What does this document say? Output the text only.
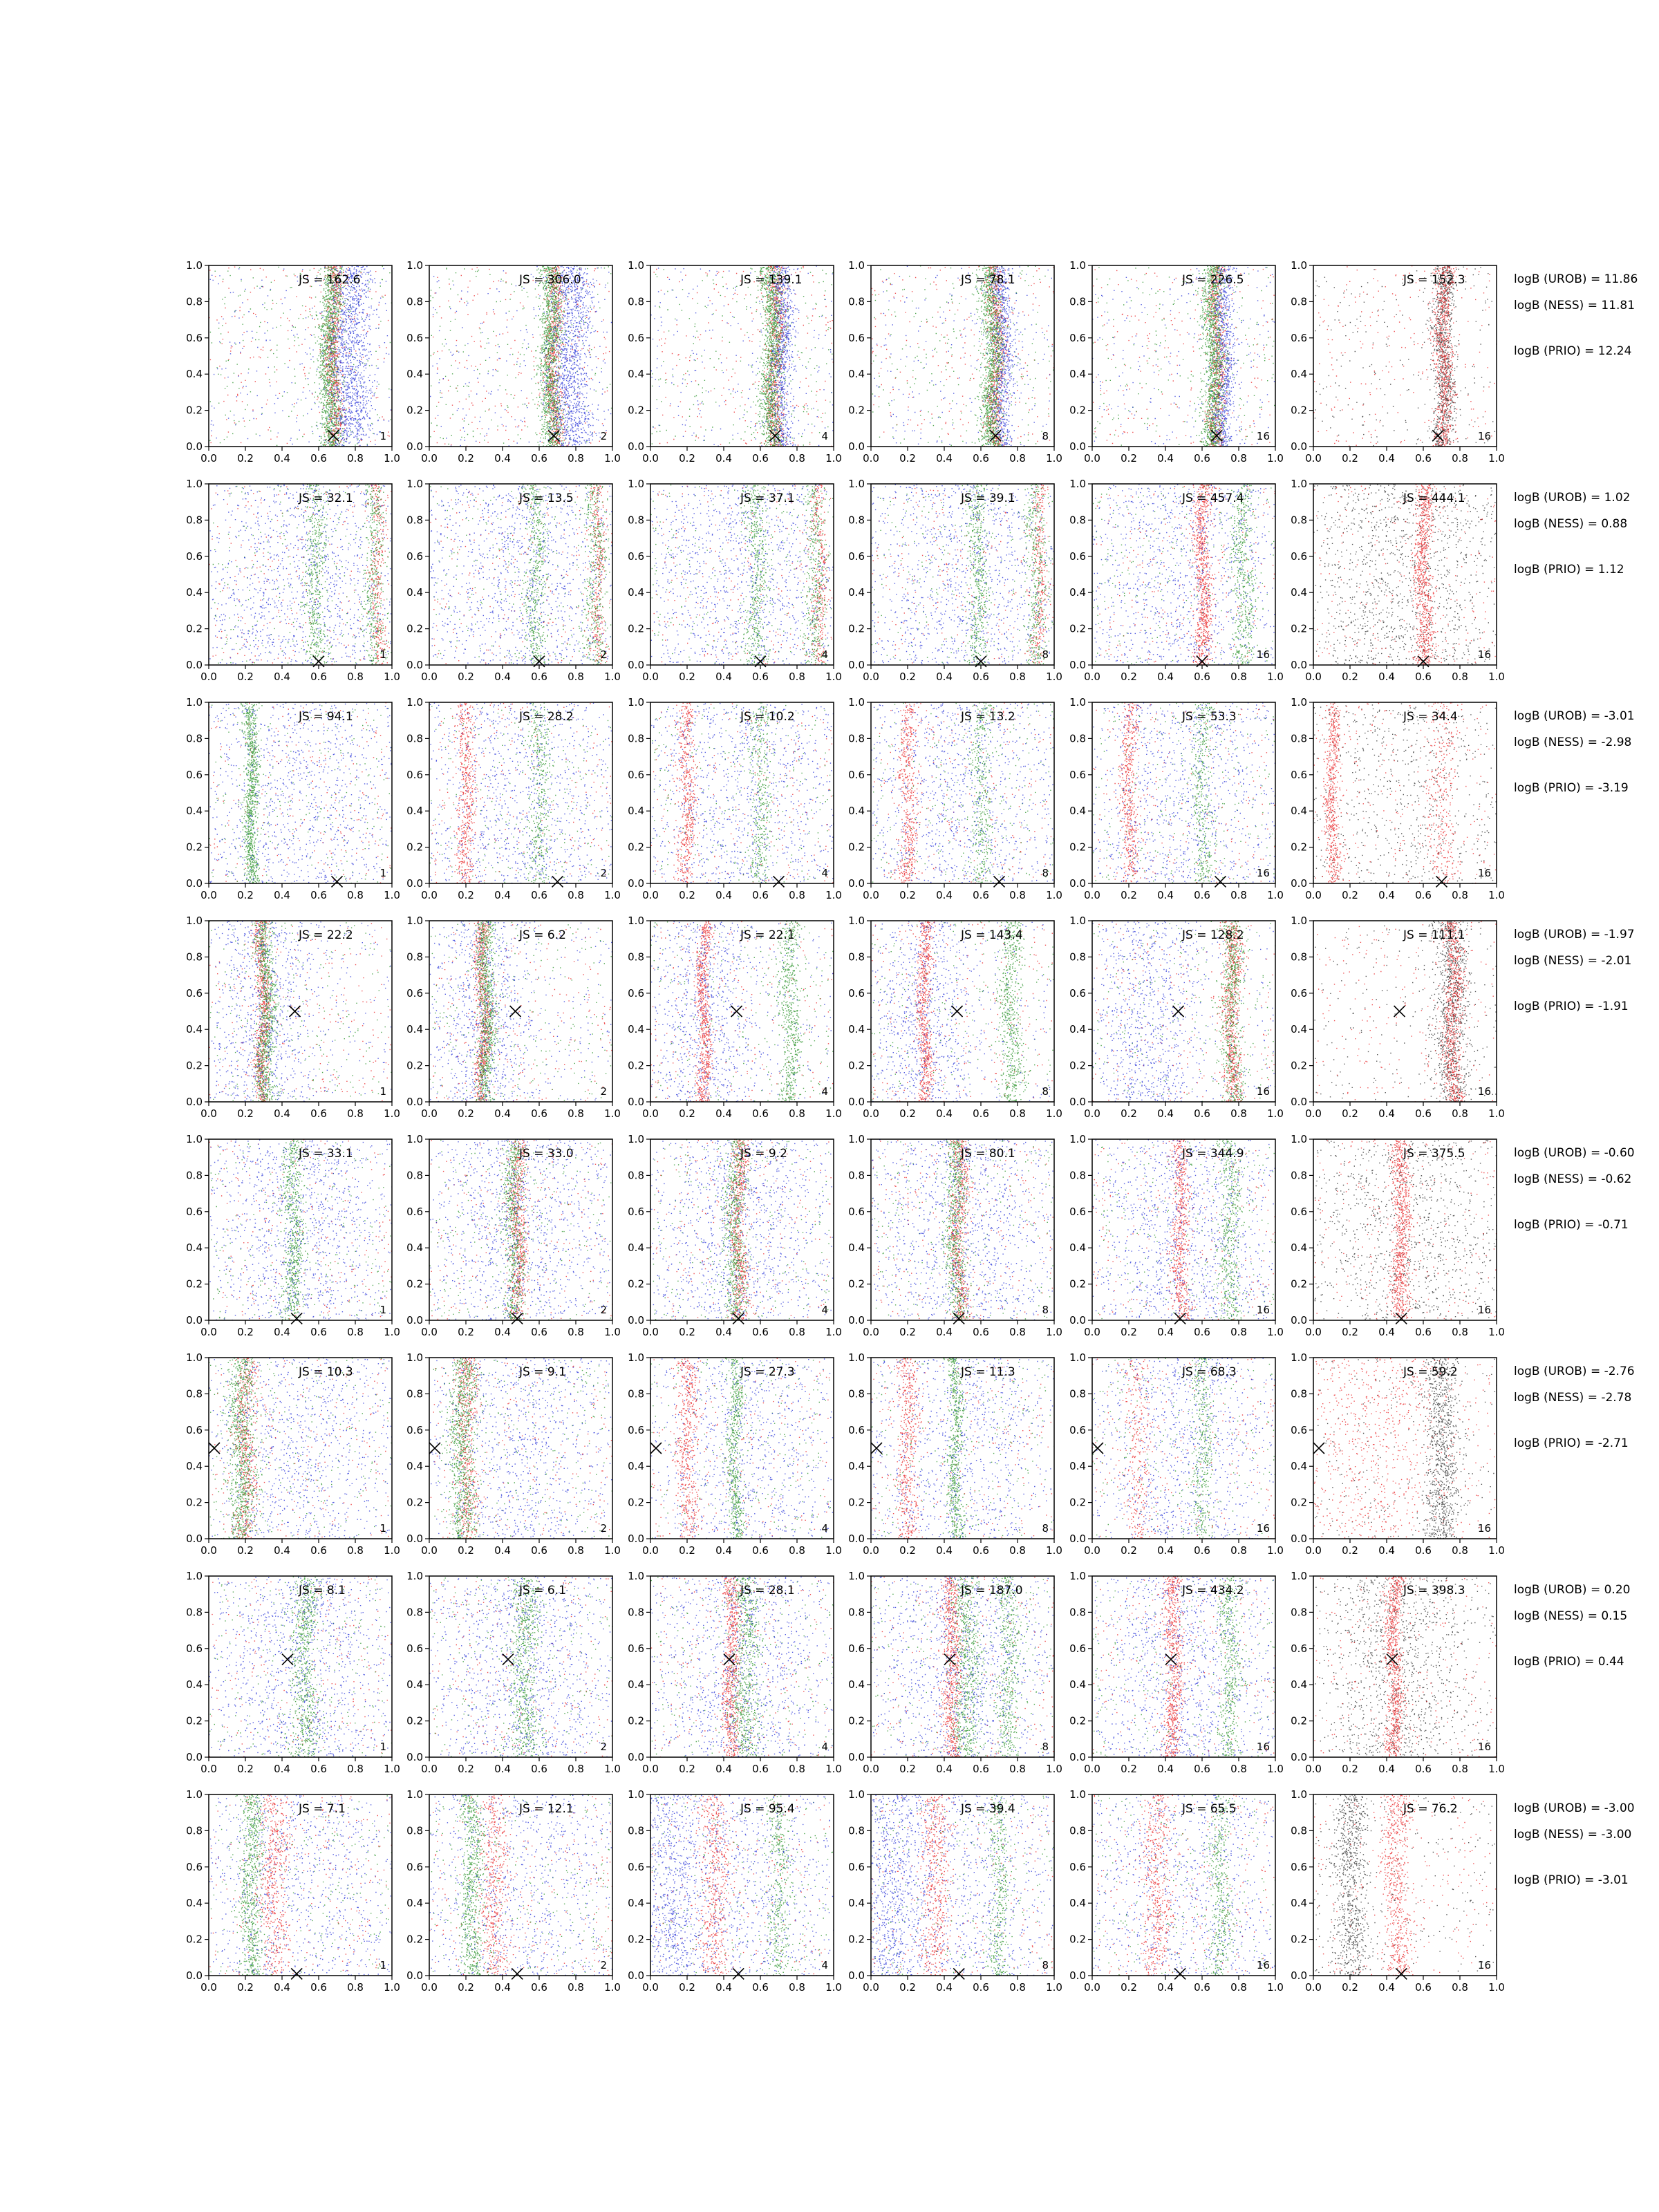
JS = 162.6
1
0.0 0.2 0.4 0.6 0.8 1.0
0.0
0.2
0.4
0.6
0.8
1.0
JS = 306.0
2
0.0 0.2 0.4 0.6 0.8 1.0
0.0
0.2
0.4
0.6
0.8
1.0
JS = 139.1
4
0.0 0.2 0.4 0.6 0.8 1.0
0.0
0.2
0.4
0.6
0.8
1.0
JS = 78.1
8
0.0 0.2 0.4 0.6 0.8 1.0
0.0
0.2
0.4
0.6
0.8
1.0
JS = 226.5
16
0.0 0.2 0.4 0.6 0.8 1.0
0.0
0.2
0.4
0.6
0.8
1.0
JS = 152.3
16
0.0 0.2 0.4 0.6 0.8 1.0
0.0
0.2
0.4
0.6
0.8
1.0
JS = 32.1
1
0.0 0.2 0.4 0.6 0.8 1.0
0.0
0.2
0.4
0.6
0.8
1.0
JS = 13.5
2
0.0 0.2 0.4 0.6 0.8 1.0
0.0
0.2
0.4
0.6
0.8
1.0
JS = 37.1
4
0.0 0.2 0.4 0.6 0.8 1.0
0.0
0.2
0.4
0.6
0.8
1.0
JS = 39.1
8
0.0 0.2 0.4 0.6 0.8 1.0
0.0
0.2
0.4
0.6
0.8
1.0
JS = 457.4
16
0.0 0.2 0.4 0.6 0.8 1.0
0.0
0.2
0.4
0.6
0.8
1.0
JS = 444.1
16
0.0 0.2 0.4 0.6 0.8 1.0
0.0
0.2
0.4
0.6
0.8
1.0
JS = 94.1
1
0.0 0.2 0.4 0.6 0.8 1.0
0.0
0.2
0.4
0.6
0.8
1.0
JS = 28.2
2
0.0 0.2 0.4 0.6 0.8 1.0
0.0
0.2
0.4
0.6
0.8
1.0
JS = 10.2
4
0.0 0.2 0.4 0.6 0.8 1.0
0.0
0.2
0.4
0.6
0.8
1.0
JS = 13.2
8
0.0 0.2 0.4 0.6 0.8 1.0
0.0
0.2
0.4
0.6
0.8
1.0
JS = 53.3
16
0.0 0.2 0.4 0.6 0.8 1.0
0.0
0.2
0.4
0.6
0.8
1.0
JS = 34.4
16
0.0 0.2 0.4 0.6 0.8 1.0
0.0
0.2
0.4
0.6
0.8
1.0
JS = 22.2
1
0.0 0.2 0.4 0.6 0.8 1.0
0.0
0.2
0.4
0.6
0.8
1.0
JS = 6.2
2
0.0 0.2 0.4 0.6 0.8 1.0
0.0
0.2
0.4
0.6
0.8
1.0
JS = 22.1
4
0.0 0.2 0.4 0.6 0.8 1.0
0.0
0.2
0.4
0.6
0.8
1.0
JS = 143.4
8
0.0 0.2 0.4 0.6 0.8 1.0
0.0
0.2
0.4
0.6
0.8
1.0
JS = 128.2
16
0.0 0.2 0.4 0.6 0.8 1.0
0.0
0.2
0.4
0.6
0.8
1.0
JS = 111.1
16
0.0 0.2 0.4 0.6 0.8 1.0
0.0
0.2
0.4
0.6
0.8
1.0
JS = 33.1
1
0.0 0.2 0.4 0.6 0.8 1.0
0.0
0.2
0.4
0.6
0.8
1.0
JS = 33.0
2
0.0 0.2 0.4 0.6 0.8 1.0
0.0
0.2
0.4
0.6
0.8
1.0
JS = 9.2
4
0.0 0.2 0.4 0.6 0.8 1.0
0.0
0.2
0.4
0.6
0.8
1.0
JS = 80.1
8
0.0 0.2 0.4 0.6 0.8 1.0
0.0
0.2
0.4
0.6
0.8
1.0
JS = 344.9
16
0.0 0.2 0.4 0.6 0.8 1.0
0.0
0.2
0.4
0.6
0.8
1.0
JS = 375.5
16
0.0 0.2 0.4 0.6 0.8 1.0
0.0
0.2
0.4
0.6
0.8
1.0
JS = 10.3
1
0.0 0.2 0.4 0.6 0.8 1.0
0.0
0.2
0.4
0.6
0.8
1.0
JS = 9.1
2
0.0 0.2 0.4 0.6 0.8 1.0
0.0
0.2
0.4
0.6
0.8
1.0
JS = 27.3
4
0.0 0.2 0.4 0.6 0.8 1.0
0.0
0.2
0.4
0.6
0.8
1.0
JS = 11.3
8
0.0 0.2 0.4 0.6 0.8 1.0
0.0
0.2
0.4
0.6
0.8
1.0
JS = 68.3
16
0.0 0.2 0.4 0.6 0.8 1.0
0.0
0.2
0.4
0.6
0.8
1.0
JS = 59.2
16
0.0 0.2 0.4 0.6 0.8 1.0
0.0
0.2
0.4
0.6
0.8
1.0
JS = 8.1
1
0.0 0.2 0.4 0.6 0.8 1.0
0.0
0.2
0.4
0.6
0.8
1.0
JS = 6.1
2
0.0 0.2 0.4 0.6 0.8 1.0
0.0
0.2
0.4
0.6
0.8
1.0
JS = 28.1
4
0.0 0.2 0.4 0.6 0.8 1.0
0.0
0.2
0.4
0.6
0.8
1.0
JS = 187.0
8
0.0 0.2 0.4 0.6 0.8 1.0
0.0
0.2
0.4
0.6
0.8
1.0
JS = 434.2
16
0.0 0.2 0.4 0.6 0.8 1.0
0.0
0.2
0.4
0.6
0.8
1.0
JS = 398.3
16
0.0 0.2 0.4 0.6 0.8 1.0
0.0
0.2
0.4
0.6
0.8
1.0
JS = 7.1
1
0.0 0.2 0.4 0.6 0.8 1.0
0.0
0.2
0.4
0.6
0.8
1.0
JS = 12.1
2
0.0 0.2 0.4 0.6 0.8 1.0
0.0
0.2
0.4
0.6
0.8
1.0
JS = 95.4
4
0.0 0.2 0.4 0.6 0.8 1.0
0.0
0.2
0.4
0.6
0.8
1.0
JS = 39.4
8
0.0 0.2 0.4 0.6 0.8 1.0
0.0
0.2
0.4
0.6
0.8
1.0
JS = 65.5
16
0.0 0.2 0.4 0.6 0.8 1.0
0.0
0.2
0.4
0.6
0.8
1.0
JS = 76.2
16
0.0 0.2 0.4 0.6 0.8 1.0
0.0
0.2
0.4
0.6
0.8
1.0
logB (UROB) = 11.86
logB (NESS) = 11.81
logB (PRIO) = 12.24
logB (UROB) = 1.02
logB (NESS) = 0.88
logB (PRIO) = 1.12
logB (UROB) = -3.01
logB (NESS) = -2.98
logB (PRIO) = -3.19
logB (UROB) = -1.97
logB (NESS) = -2.01
logB (PRIO) = -1.91
logB (UROB) = -0.60
logB (NESS) = -0.62
logB (PRIO) = -0.71
logB (UROB) = -2.76
logB (NESS) = -2.78
logB (PRIO) = -2.71
logB (UROB) = 0.20
logB (NESS) = 0.15
logB (PRIO) = 0.44
logB (UROB) = -3.00
logB (NESS) = -3.00
logB (PRIO) = -3.01
